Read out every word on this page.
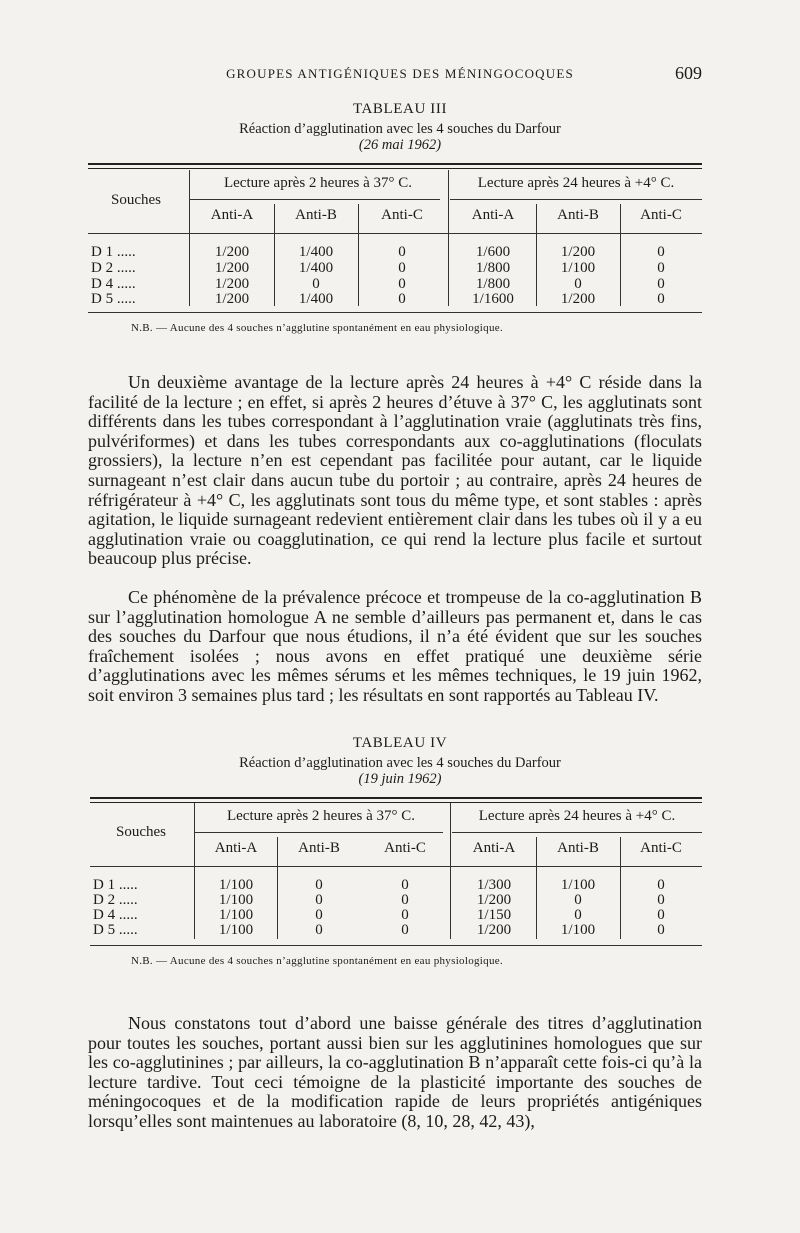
GROUPES ANTIGÉNIQUES DES MÉNINGOCOQUES	609
TABLEAU III
Réaction d’agglutination avec les 4 souches du Darfour
(26 mai 1962)
Souches
Lecture après 2 heures à 37° C.	Lecture après 24 heures à +4° C.
Anti-A	Anti-B	Anti-C	Anti-A	Anti-B	Anti-C
D 1 .....	1/200	1/400	0	1/600	1/200	0
D 2 .....	1/200	1/400	0	1/800	1/100	0
D 4 .....	1/200	0	0	1/800	0	0
D 5 .....	1/200	1/400	0	1/1600	1/200	0
N.B. — Aucune des 4 souches n’agglutine spontanément en eau physiologique.

Un deuxième avantage de la lecture après 24 heures à +4° C réside dans la facilité de la lecture ; en effet, si après 2 heures d’étuve à 37° C, les agglutinats sont différents dans les tubes correspondant à l’agglutination vraie (agglutinats très fins, pulvériformes) et dans les tubes correspondants aux co-agglutinations (floculats grossiers), la lecture n’en est cependant pas facilitée pour autant, car le liquide surnageant n’est clair dans aucun tube du portoir ; au contraire, après 24 heures de réfrigérateur à +4° C, les agglutinats sont tous du même type, et sont stables : après agitation, le liquide surnageant redevient entièrement clair dans les tubes où il y a eu agglutination vraie ou coagglutination, ce qui rend la lecture plus facile et surtout beaucoup plus précise.

Ce phénomène de la prévalence précoce et trompeuse de la co-agglutination B sur l’agglutination homologue A ne semble d’ailleurs pas permanent et, dans le cas des souches du Darfour que nous étudions, il n’a été évident que sur les souches fraîchement isolées ; nous avons en effet pratiqué une deuxième série d’agglutinations avec les mêmes sérums et les mêmes techniques, le 19 juin 1962, soit environ 3 semaines plus tard ; les résultats en sont rapportés au Tableau IV.

TABLEAU IV
Réaction d’agglutination avec les 4 souches du Darfour
(19 juin 1962)
Souches
Lecture après 2 heures à 37° C.	Lecture après 24 heures à +4° C.
Anti-A	Anti-B	Anti-C	Anti-A	Anti-B	Anti-C
D 1 .....	1/100	0	0	1/300	1/100	0
D 2 .....	1/100	0	0	1/200	0	0
D 4 .....	1/100	0	0	1/150	0	0
D 5 .....	1/100	0	0	1/200	1/100	0
N.B. — Aucune des 4 souches n’agglutine spontanément en eau physiologique.

Nous constatons tout d’abord une baisse générale des titres d’agglutination pour toutes les souches, portant aussi bien sur les agglutinines homologues que sur les co-agglutinines ; par ailleurs, la co-agglutination B n’apparaît cette fois-ci qu’à la lecture tardive. Tout ceci témoigne de la plasticité importante des souches de méningocoques et de la modification rapide de leurs propriétés antigéniques lorsqu’elles sont maintenues au laboratoire (8, 10, 28, 42, 43),
